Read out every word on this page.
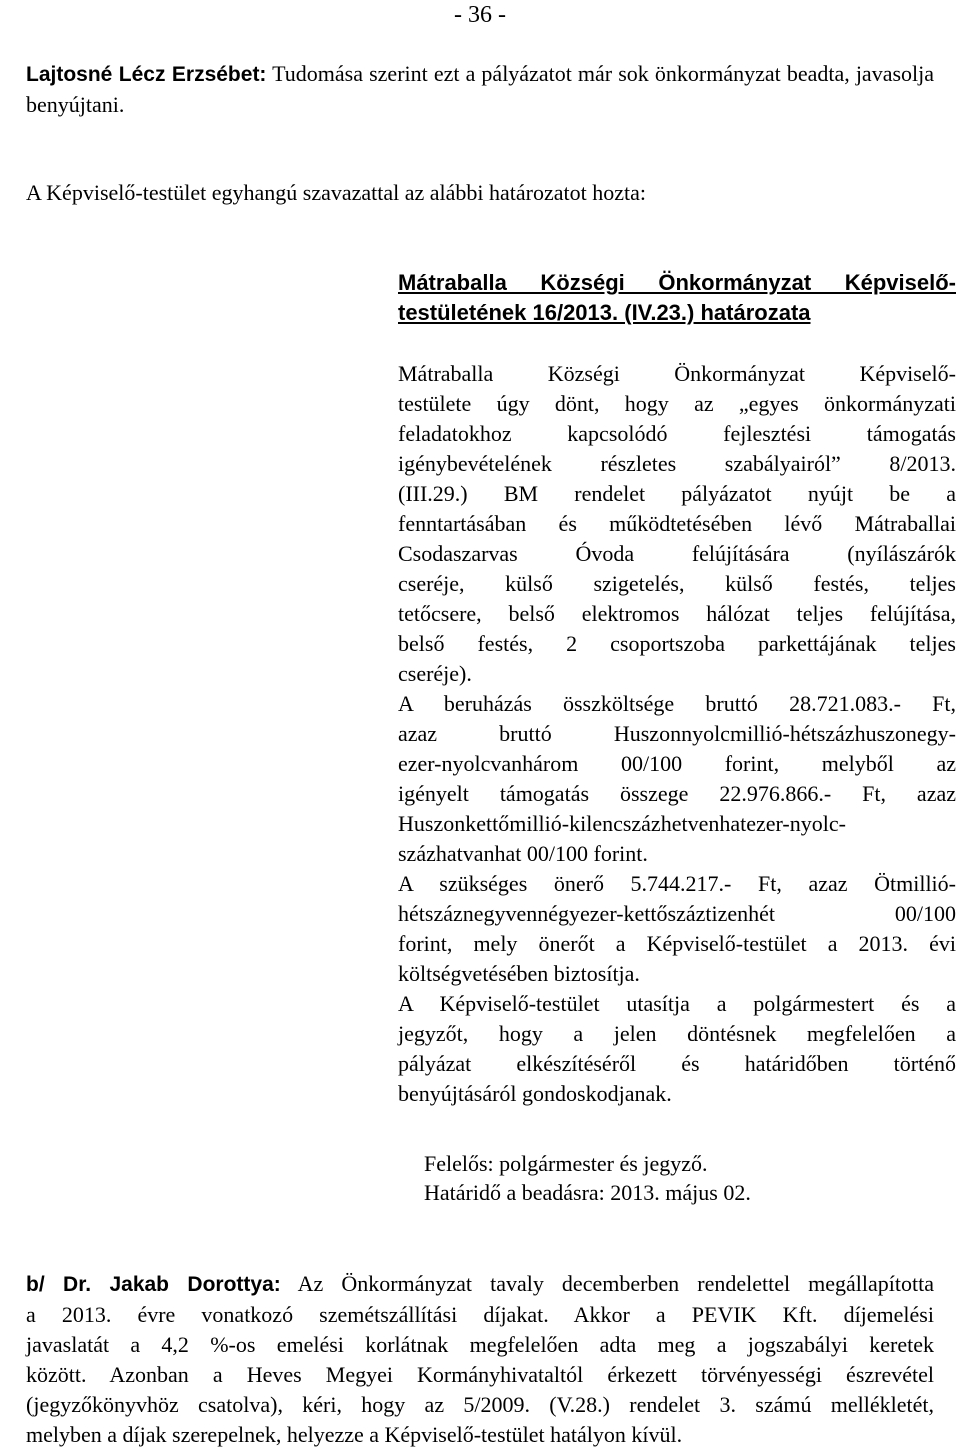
- 36 -

Lajtosné Lécz Erzsébet: Tudomása szerint ezt a pályázatot már sok önkormányzat beadta, javasolja benyújtani.

A Képviselő-testület egyhangú szavazattal az alábbi határozatot hozta:

Mátraballa Községi Önkormányzat Képviselő-
testületének 16/2013. (IV.23.) határozata
Mátraballa Községi Önkormányzat Képviselő-
testülete úgy dönt, hogy az „egyes önkormányzati
feladatokhoz kapcsolódó fejlesztési támogatás
igénybevételének részletes szabályairól” 8/2013.
(III.29.) BM rendelet pályázatot nyújt be a
fenntartásában és működtetésében lévő Mátraballai
Csodaszarvas Óvoda felújítására (nyílászárók
cseréje, külső szigetelés, külső festés, teljes
tetőcsere, belső elektromos hálózat teljes felújítása,
belső festés, 2 csoportszoba parkettájának teljes
cseréje).
A beruházás összköltsége bruttó 28.721.083.- Ft,
azaz bruttó Huszonnyolcmillió-hétszázhuszonegy-
ezer-nyolcvanhárom 00/100 forint, melyből az
igényelt támogatás összege 22.976.866.- Ft, azaz
Huszonkettőmillió-kilencszázhetvenhatezer-nyolc-
százhatvanhat 00/100 forint.
A szükséges önerő 5.744.217.- Ft, azaz Ötmillió-
hétszáznegyvennégyezer-kettőszáztizenhét 00/100
forint, mely önerőt a Képviselő-testület a 2013. évi
költségvetésében biztosítja.
A Képviselő-testület utasítja a polgármestert és a
jegyzőt, hogy a jelen döntésnek megfelelően a
pályázat elkészítéséről és határidőben történő
benyújtásáról gondoskodjanak.

Felelős: polgármester és jegyző.

Határidő a beadásra: 2013. május 02.

b/ Dr. Jakab Dorottya: Az Önkormányzat tavaly decemberben rendelettel megállapította
a 2013. évre vonatkozó szemétszállítási díjakat. Akkor a PEVIK Kft. díjemelési
javaslatát a 4,2 %-os emelési korlátnak megfelelően adta meg a jogszabályi keretek
között. Azonban a Heves Megyei Kormányhivataltól érkezett törvényességi észrevétel
(jegyzőkönyvhöz csatolva), kéri, hogy az 5/2009. (V.28.) rendelet 3. számú mellékletét,
melyben a díjak szerepelnek, helyezze a Képviselő-testület hatályon kívül.
